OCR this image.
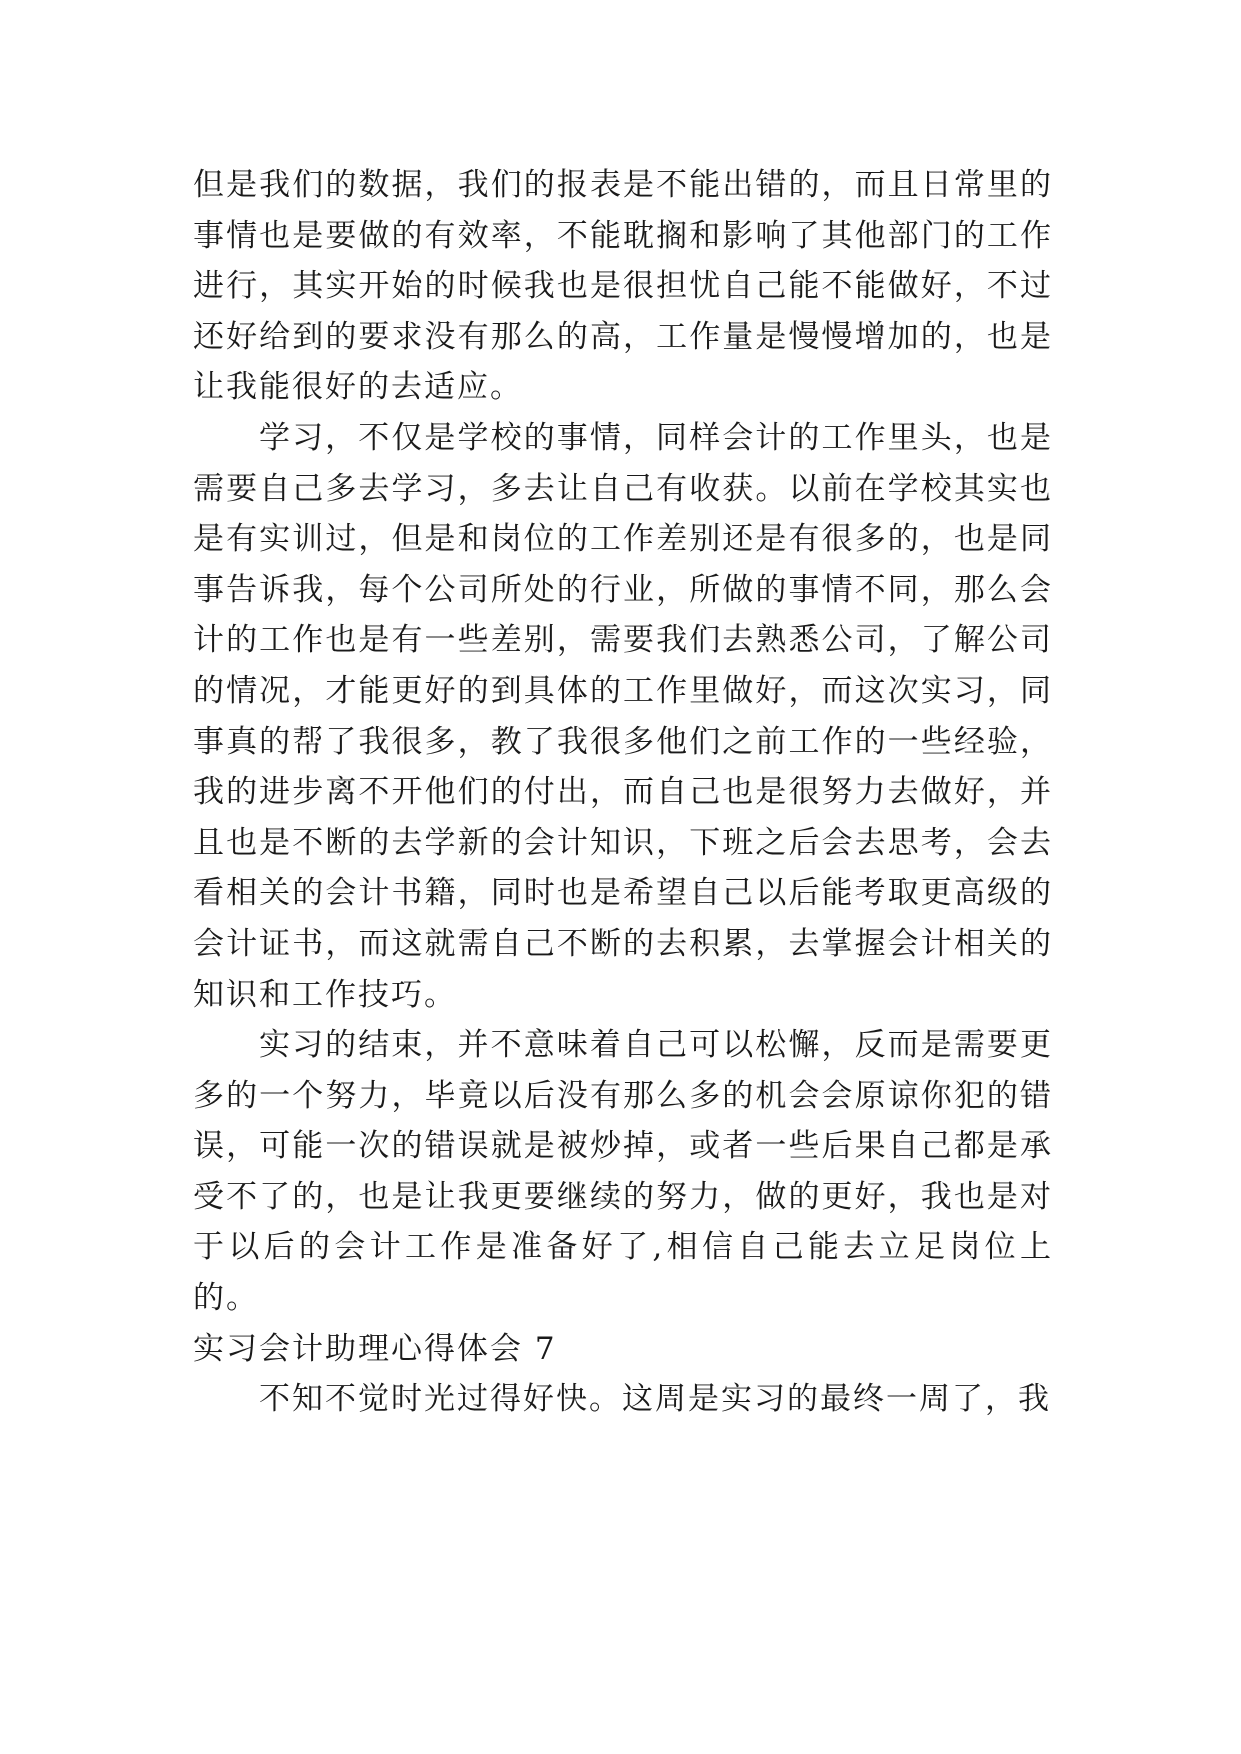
但是我们的数据，我们的报表是不能出错的，而且日常里的事情也是要做的有效率，不能耽搁和影响了其他部门的工作进行，其实开始的时候我也是很担忧自己能不能做好，不过还好给到的要求没有那么的高，工作量是慢慢增加的，也是让我能很好的去适应。

学习，不仅是学校的事情，同样会计的工作里头，也是需要自己多去学习，多去让自己有收获。以前在学校其实也是有实训过，但是和岗位的工作差别还是有很多的，也是同事告诉我，每个公司所处的行业，所做的事情不同，那么会计的工作也是有一些差别，需要我们去熟悉公司，了解公司的情况，才能更好的到具体的工作里做好，而这次实习，同事真的帮了我很多，教了我很多他们之前工作的一些经验，我的进步离不开他们的付出，而自己也是很努力去做好，并且也是不断的去学新的会计知识，下班之后会去思考，会去看相关的会计书籍，同时也是希望自己以后能考取更高级的会计证书，而这就需自己不断的去积累，去掌握会计相关的知识和工作技巧。

实习的结束，并不意味着自己可以松懈，反而是需要更多的一个努力，毕竟以后没有那么多的机会会原谅你犯的错误，可能一次的错误就是被炒掉，或者一些后果自己都是承受不了的，也是让我更要继续的努力，做的更好，我也是对于以后的会计工作是准备好了,相信自己能去立足岗位上的。

实习会计助理心得体会 7

不知不觉时光过得好快。这周是实习的最终一周了，我
